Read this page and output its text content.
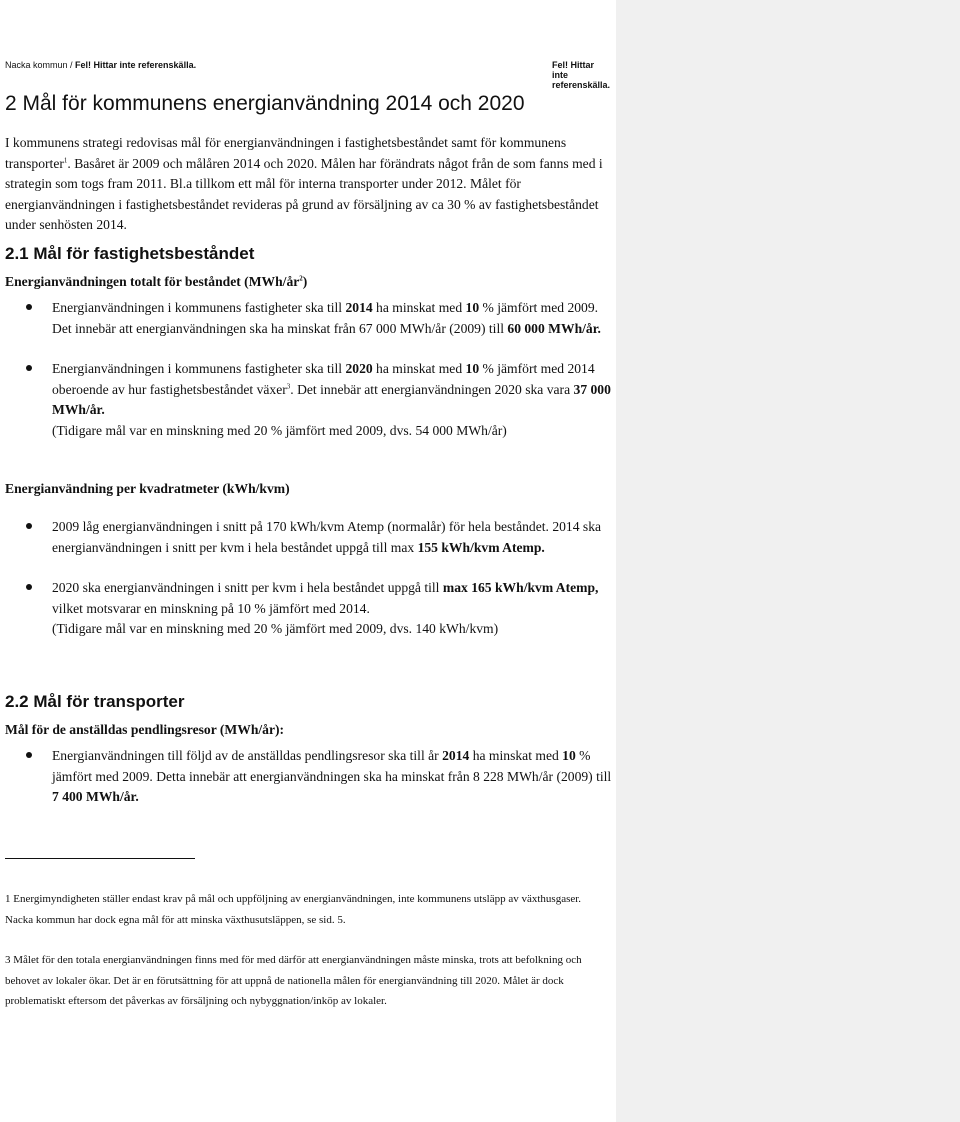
Nacka kommun / Fel! Hittar inte referenskälla.	Fel! Hittar inte referenskälla.
2 Mål för kommunens energianvändning 2014 och 2020

I kommunens strategi redovisas mål för energianvändningen i fastighetsbeståndet samt för kommunens transporter$^1$. Basåret är 2009 och målåren 2014 och 2020. Målen har förändrats något från de som fanns med i strategin som togs fram 2011. Bl.a tillkom ett mål för interna transporter under 2012. Målet för energianvändningen i fastighetsbeståndet revideras på grund av försäljning av ca 30 % av fastighetsbeståndet under senhösten 2014.

2.1 Mål för fastighetsbeståndet
Energianvändningen totalt för beståndet $(MWh/år^2)$
Energianvändningen i kommunens fastigheter ska till 2014 ha minskat med 10 % jämfört med 2009. Det innebär att energianvändningen ska ha minskat från 67 000 MWh/år (2009) till 60 000 MWh/år.
Energianvändningen i kommunens fastigheter ska till 2020 ha minskat med 10 % jämfört med 2014 oberoende av hur fastighetsbeståndet växer$^3$. Det innebär att energianvändningen 2020 ska vara 37 000 MWh/år.
(Tidigare mål var en minskning med 20 % jämfört med 2009, dvs. 54 000 MWh/år)
Energianvändning per kvadratmeter (kWh/kvm)
2009 låg energianvändningen i snitt på 170 kWh/kvm Atemp (normalår) för hela beståndet. 2014 ska energianvändningen i snitt per kvm i hela beståndet uppgå till max 155 kWh/kvm Atemp.
2020 ska energianvändningen i snitt per kvm i hela beståndet uppgå till max 165 kWh/kvm Atemp, vilket motsvarar en minskning på 10 % jämfört med 2014.
(Tidigare mål var en minskning med 20 % jämfört med 2009, dvs. 140 kWh/kvm)
2.2 Mål för transporter
Mål för de anställdas pendlingsresor (MWh/år):
Energianvändningen till följd av de anställdas pendlingsresor ska till år 2014 ha minskat med 10 % jämfört med 2009. Detta innebär att energianvändningen ska ha minskat från 8 228 MWh/år (2009) till 7 400 MWh/år.

1 Energimyndigheten ställer endast krav på mål och uppföljning av energianvändningen, inte kommunens utsläpp av växthusgaser. Nacka kommun har dock egna mål för att minska växthusutsläppen, se sid. 5.

3 Målet för den totala energianvändningen finns med för med därför att energianvändningen måste minska, trots att befolkning och behovet av lokaler ökar. Det är en förutsättning för att uppnå de nationella målen för energianvändning till 2020. Målet är dock problematiskt eftersom det påverkas av försäljning och nybyggnation/inköp av lokaler.
